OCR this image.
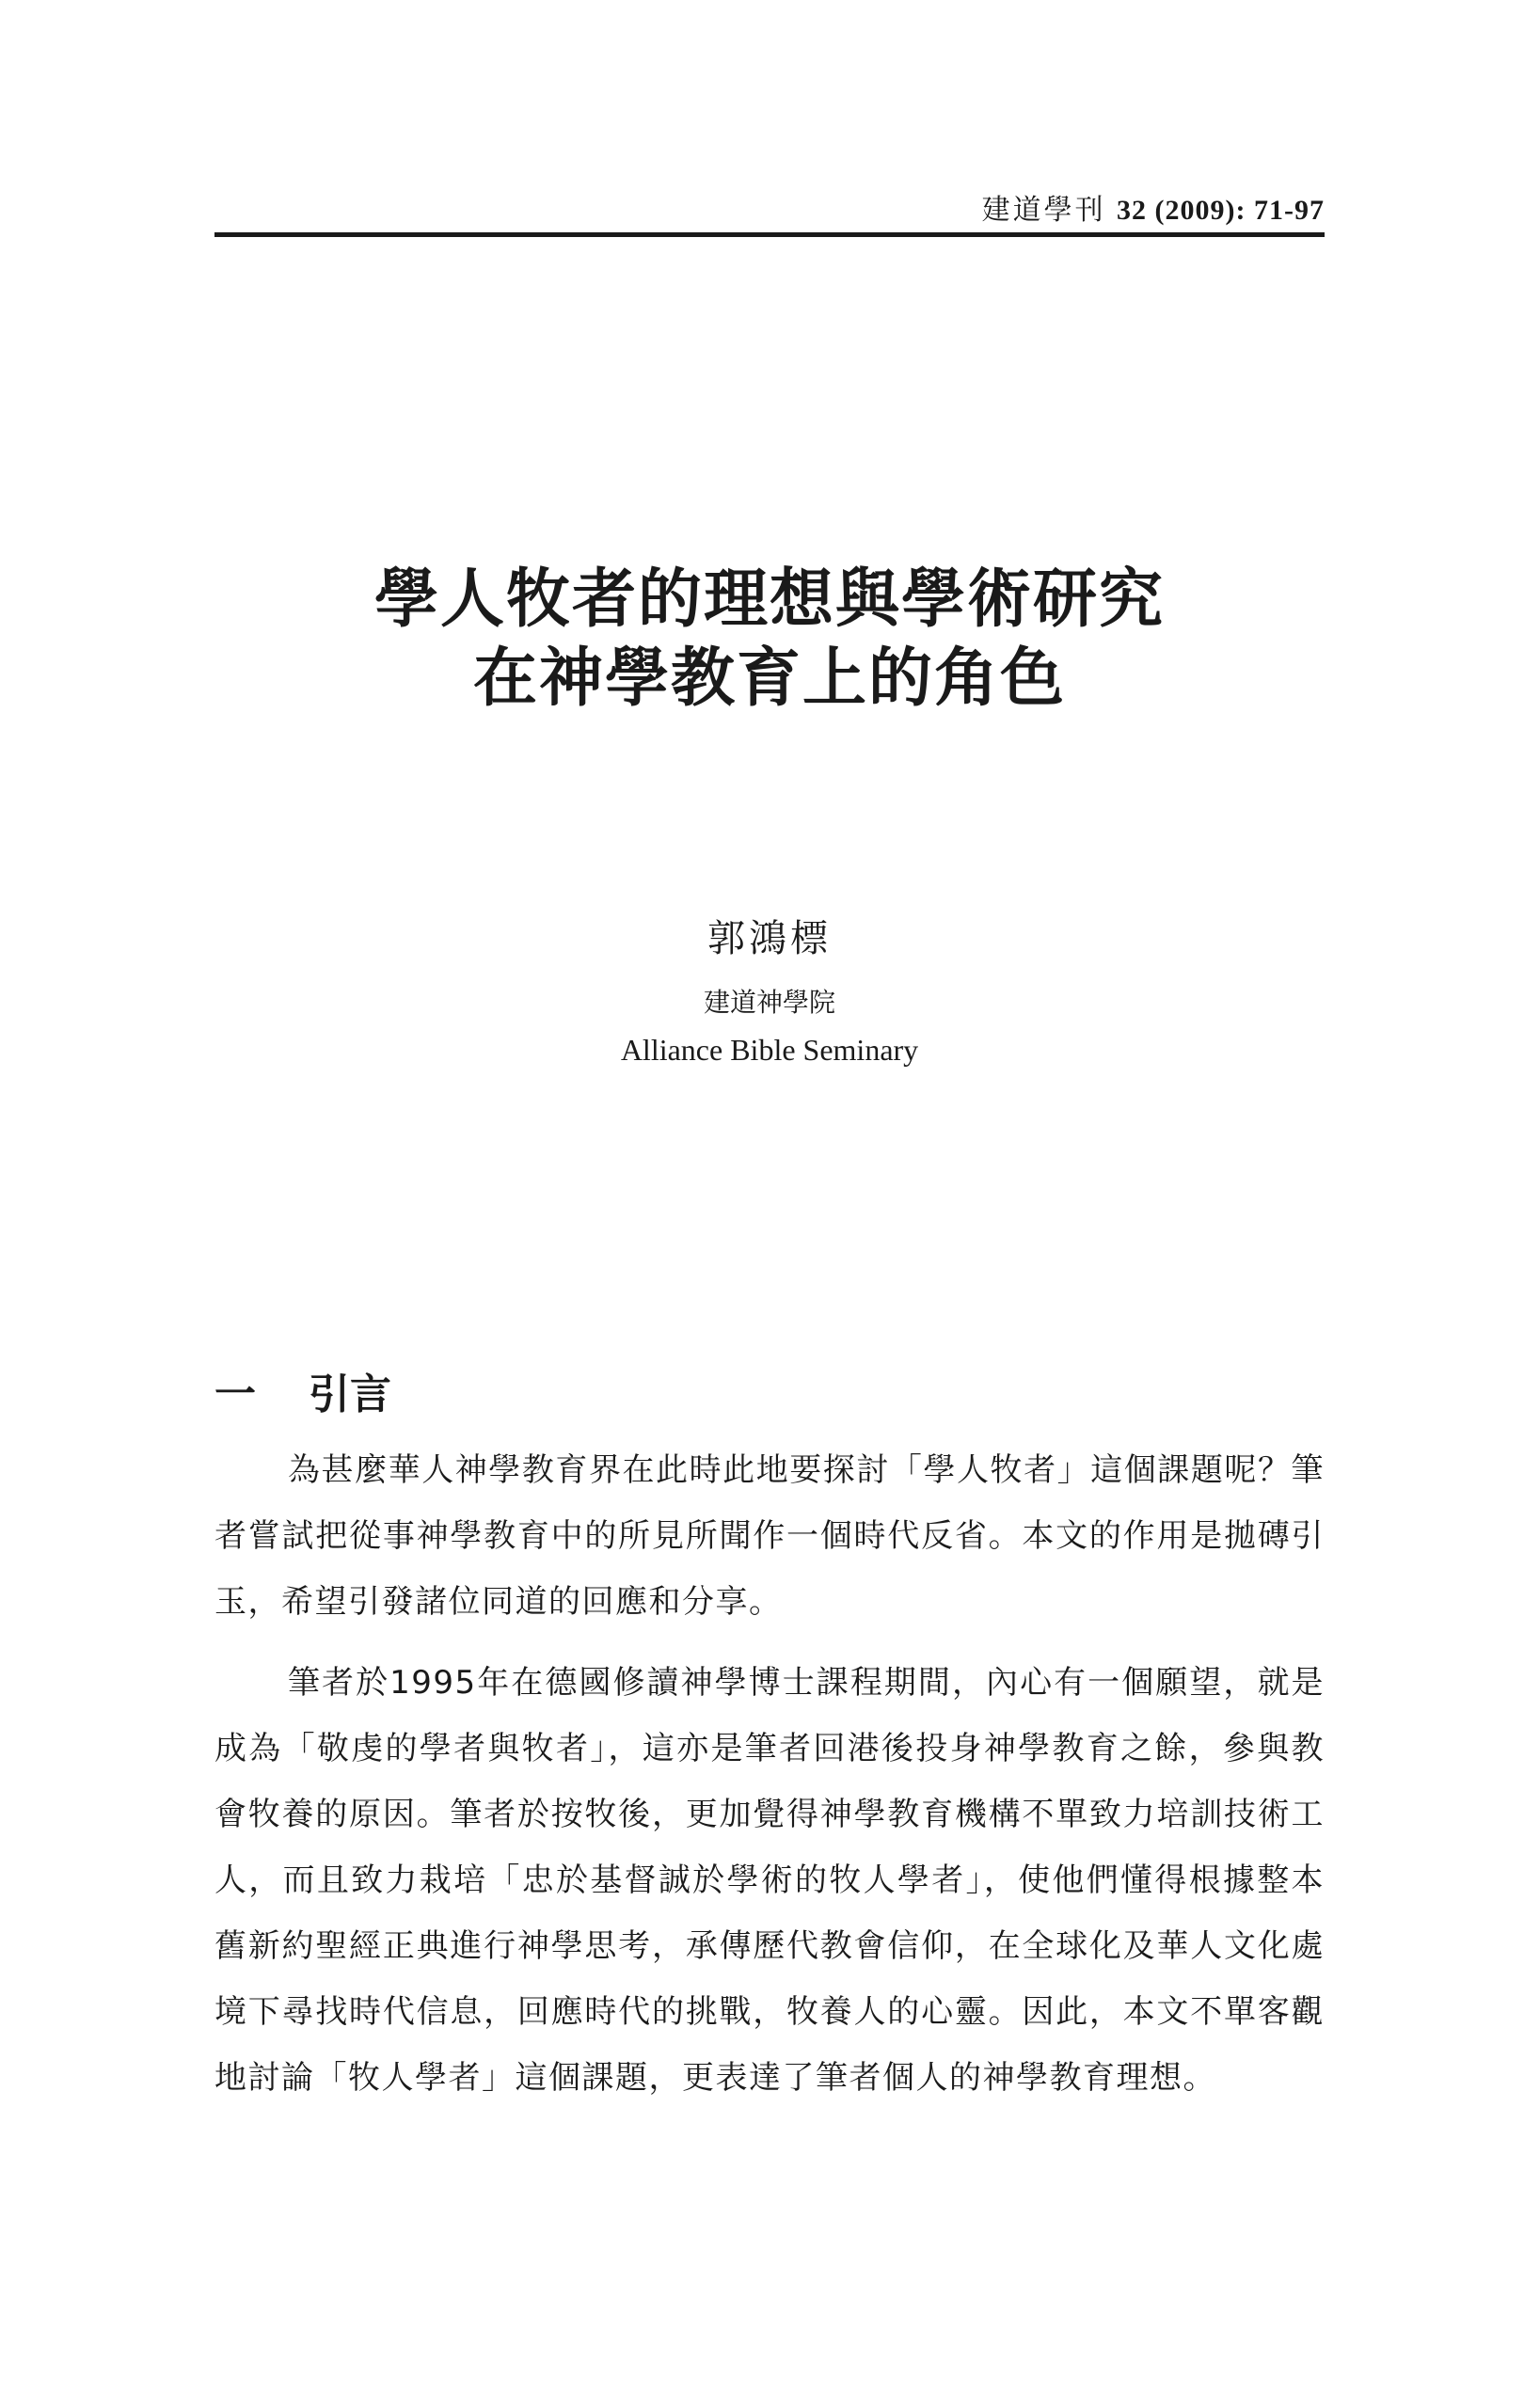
建道學刊 32 (2009): 71-97
學人牧者的理想與學術研究
在神學教育上的角色
郭鴻標
建道神學院
Alliance Bible Seminary
一 引言

為甚麼華人神學教育界在此時此地要探討「學人牧者」這個課題呢？筆者嘗試把從事神學教育中的所見所聞作一個時代反省。本文的作用是拋磚引玉，希望引發諸位同道的回應和分享。

筆者於1995年在德國修讀神學博士課程期間，內心有一個願望，就是成為「敬虔的學者與牧者」，這亦是筆者回港後投身神學教育之餘，參與教會牧養的原因。筆者於按牧後，更加覺得神學教育機構不單致力培訓技術工人，而且致力栽培「忠於基督誠於學術的牧人學者」，使他們懂得根據整本舊新約聖經正典進行神學思考，承傳歷代教會信仰，在全球化及華人文化處境下尋找時代信息，回應時代的挑戰，牧養人的心靈。因此，本文不單客觀地討論「牧人學者」這個課題，更表達了筆者個人的神學教育理想。
